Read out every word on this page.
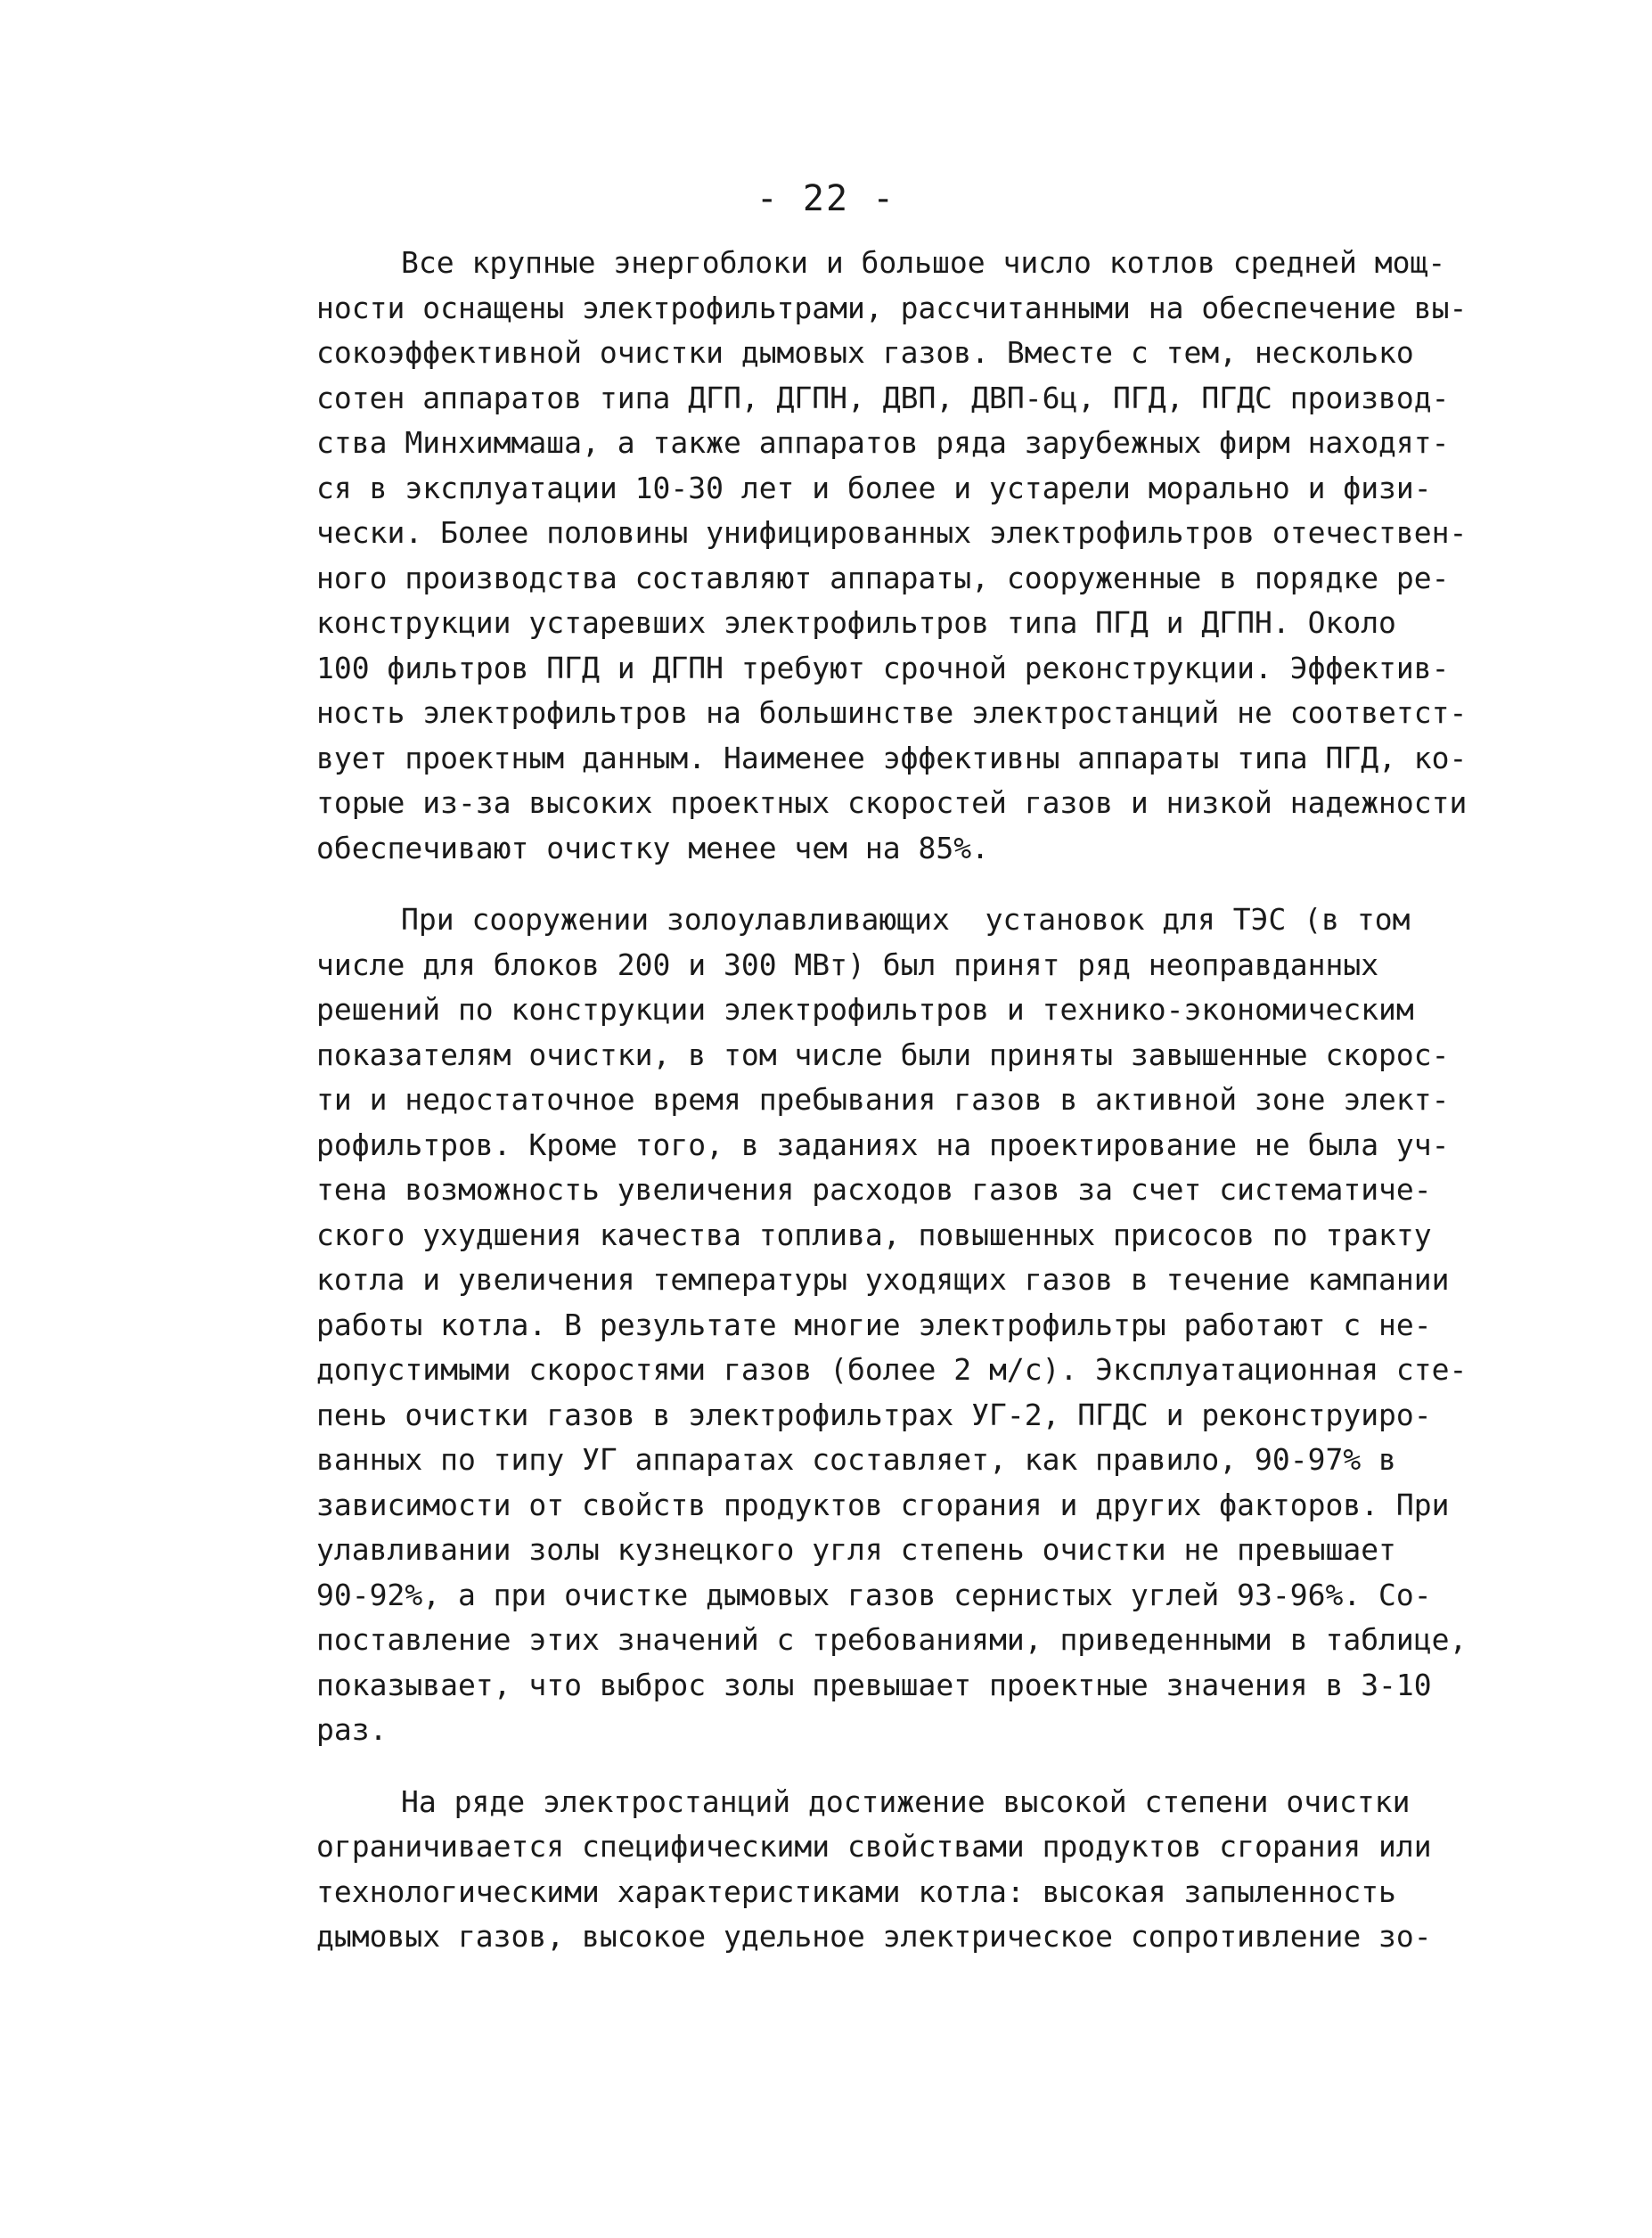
- 22 -

Все крупные энергоблоки и большое число котлов средней мощ-
ности оснащены электрофильтрами, рассчитанными на обеспечение вы-
сокоэффективной очистки дымовых газов. Вместе с тем, несколько
сотен аппаратов типа ДГП, ДГПН, ДВП, ДВП-6ц, ПГД, ПГДС производ-
ства Минхиммаша, а также аппаратов ряда зарубежных фирм находят-
ся в эксплуатации 10-30 лет и более и устарели морально и физи-
чески. Более половины унифицированных электрофильтров отечествен-
ного производства составляют аппараты, сооруженные в порядке ре-
конструкции устаревших электрофильтров типа ПГД и ДГПН. Около
100 фильтров ПГД и ДГПН требуют срочной реконструкции. Эффектив-
ность электрофильтров на большинстве электростанций не соответст-
вует проектным данным. Наименее эффективны аппараты типа ПГД, ко-
торые из-за высоких проектных скоростей газов и низкой надежности
обеспечивают очистку менее чем на 85%.

При сооружении золоулавливающих  установок для ТЭС (в том
числе для блоков 200 и 300 МВт) был принят ряд неоправданных
решений по конструкции электрофильтров и технико-экономическим
показателям очистки, в том числе были приняты завышенные скорос-
ти и недостаточное время пребывания газов в активной зоне элект-
рофильтров. Кроме того, в заданиях на проектирование не была уч-
тена возможность увеличения расходов газов за счет систематиче-
ского ухудшения качества топлива, повышенных присосов по тракту
котла и увеличения температуры уходящих газов в течение кампании
работы котла. В результате многие электрофильтры работают с не-
допустимыми скоростями газов (более 2 м/с). Эксплуатационная сте-
пень очистки газов в электрофильтрах УГ-2, ПГДС и реконструиро-
ванных по типу УГ аппаратах составляет, как правило, 90-97% в
зависимости от свойств продуктов сгорания и других факторов. При
улавливании золы кузнецкого угля степень очистки не превышает
90-92%, а при очистке дымовых газов сернистых углей 93-96%. Со-
поставление этих значений с требованиями, приведенными в таблице,
показывает, что выброс золы превышает проектные значения в 3-10
раз.

На ряде электростанций достижение высокой степени очистки
ограничивается специфическими свойствами продуктов сгорания или
технологическими характеристиками котла: высокая запыленность
дымовых газов, высокое удельное электрическое сопротивление зо-
